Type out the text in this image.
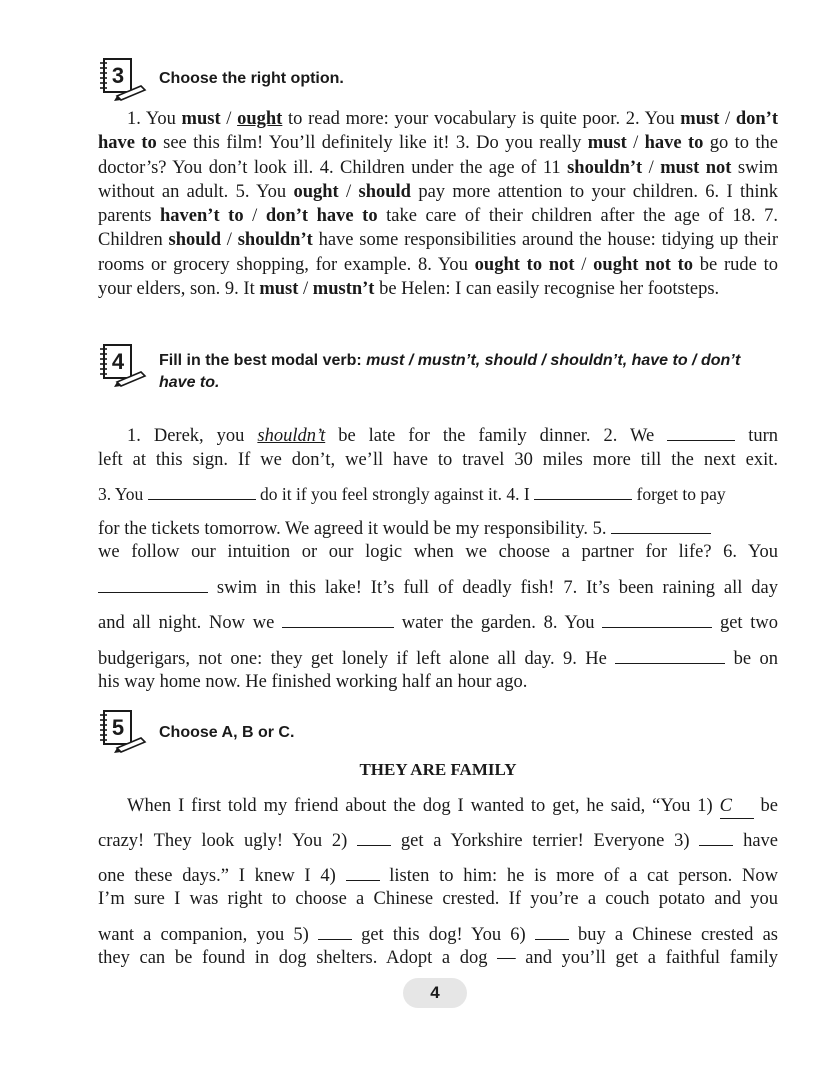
3 Choose the right option.

1. You must / ought to read more: your vocabulary is quite poor. 2. You must / don’t have to see this film! You’ll definitely like it! 3. Do you really must / have to go to the doctor’s? You don’t look ill. 4. Children under the age of 11 shouldn’t / must not swim without an adult. 5. You ought / should pay more attention to your children. 6. I think parents haven’t to / don’t have to take care of their children after the age of 18. 7. Children should / shouldn’t have some responsibilities around the house: tidying up their rooms or grocery shopping, for example. 8. You ought to not / ought not to be rude to your elders, son. 9. It must / mustn’t be Helen: I can easily recognise her footsteps.

4 Fill in the best modal verb: must / mustn’t, should / shouldn’t, have to / don’t
have to.
1. Derek, you shouldn’t be late for the family dinner. 2. We	turn
left at this sign. If we don’t, we’ll have to travel 30 miles more till the next exit.
3. You	do it if you feel strongly against it. 4. I	forget to pay
for the tickets tomorrow. We agreed it would be my responsibility. 5.
we follow our intuition or our logic when we choose a partner for life? 6. You
swim in this lake! It’s full of deadly fish! 7. It’s been raining all day
and all night. Now we	water the garden. 8. You	get two
budgerigars, not one: they get lonely if left alone all day. 9. He	be on
his way home now. He finished working half an hour ago.
5 Choose A, B or C.
THEY ARE FAMILY
When I first told my friend about the dog I wanted to get, he said, “You 1) C be
crazy! They look ugly! You 2)	get a Yorkshire terrier! Everyone 3)	have
one these days.” I knew I 4)	listen to him: he is more of a cat person. Now
I’m sure I was right to choose a Chinese crested. If you’re a couch potato and you
want a companion, you 5)	get this dog! You 6)	buy a Chinese crested as
they can be found in dog shelters. Adopt a dog — and you’ll get a faithful family
4
